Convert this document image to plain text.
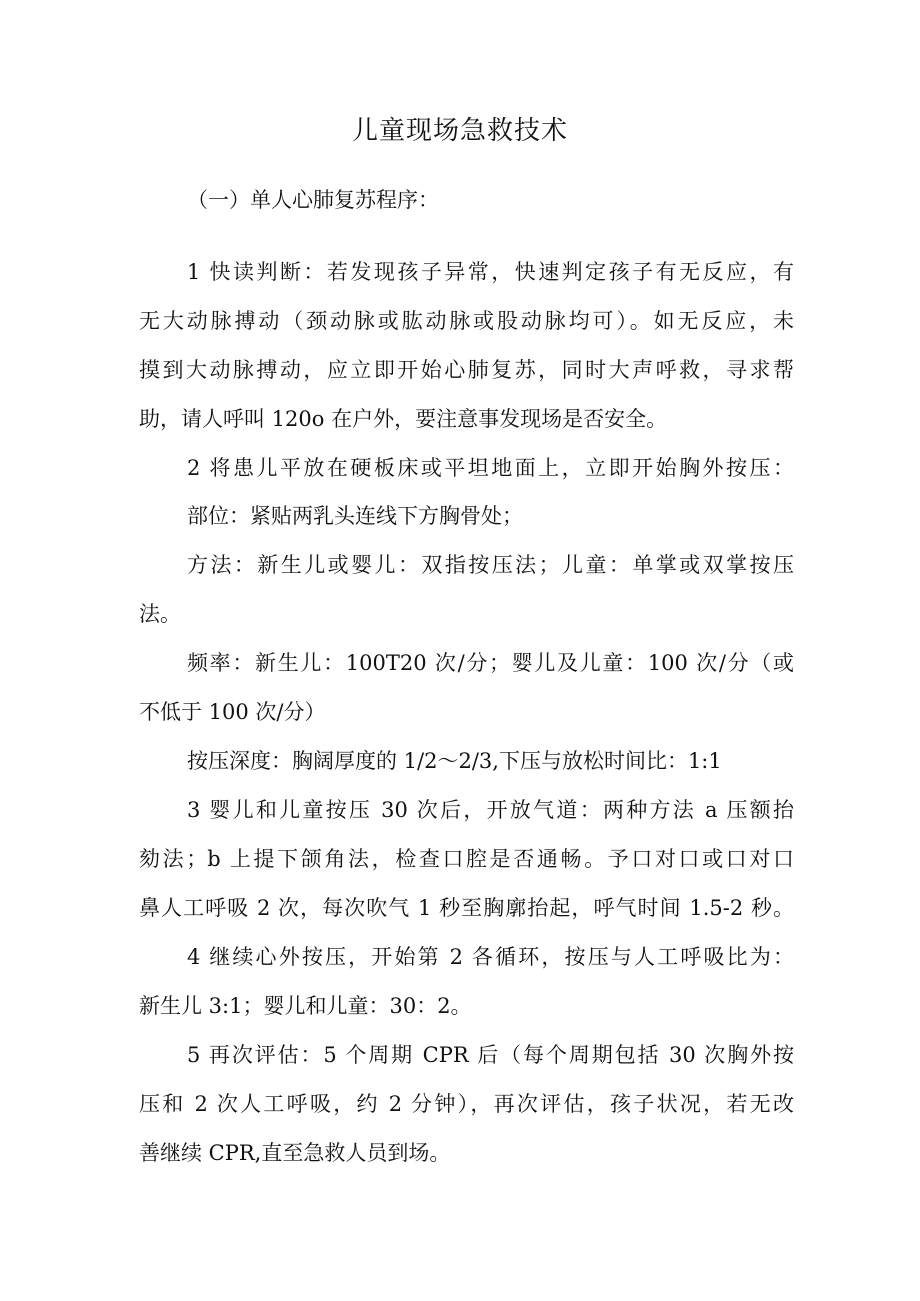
儿童现场急救技术
（一）单人心肺复苏程序：
1 快读判断：若发现孩子异常，快速判定孩子有无反应，有
无大动脉搏动（颈动脉或肱动脉或股动脉均可）。如无反应，未
摸到大动脉搏动，应立即开始心肺复苏，同时大声呼救，寻求帮
助，请人呼叫 120o 在户外，要注意事发现场是否安全。
2 将患儿平放在硬板床或平坦地面上，立即开始胸外按压：
部位：紧贴两乳头连线下方胸骨处；
方法：新生儿或婴儿：双指按压法；儿童：单掌或双掌按压
法。
频率：新生儿：100T20 次/分；婴儿及儿童：100 次/分（或
不低于 100 次/分）
按压深度：胸阔厚度的 1/2～2/3,下压与放松时间比：1:1
3 婴儿和儿童按压 30 次后，开放气道：两种方法 a 压额抬
劾法；b 上提下颌角法，检查口腔是否通畅。予口对口或口对口
鼻人工呼吸 2 次，每次吹气 1 秒至胸廓抬起，呼气时间 1.5-2 秒。
4 继续心外按压，开始第 2 各循环，按压与人工呼吸比为：
新生儿 3:1；婴儿和儿童：30：2。
5 再次评估：5 个周期 CPR 后（每个周期包括 30 次胸外按
压和 2 次人工呼吸，约 2 分钟），再次评估，孩子状况，若无改
善继续 CPR,直至急救人员到场。
